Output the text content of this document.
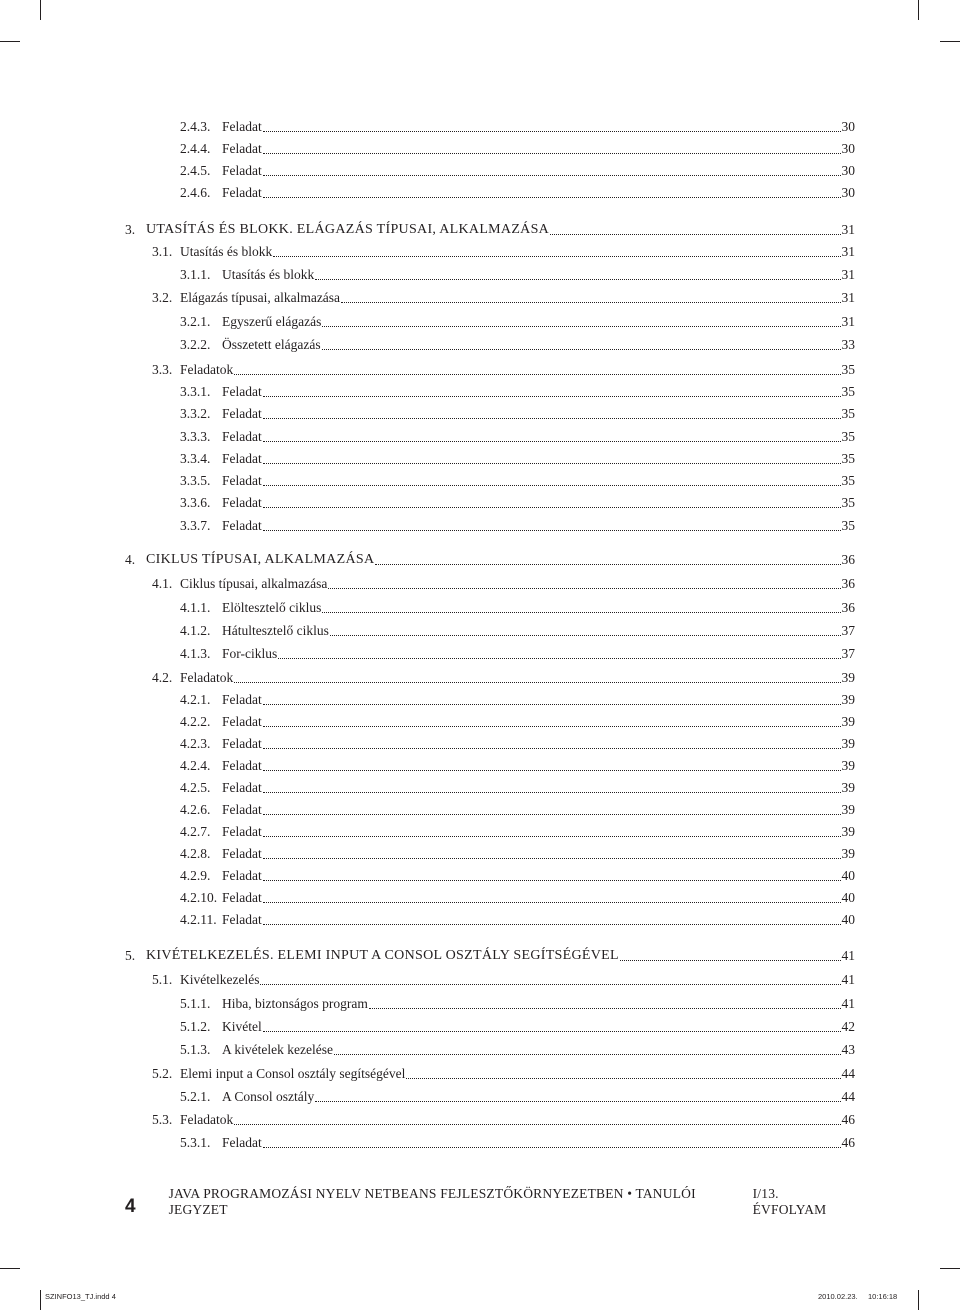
2.4.3. Feladat	30
2.4.4. Feladat	30
2.4.5. Feladat	30
2.4.6. Feladat	30
3. UTASÍTÁS ÉS BLOKK. ELÁGAZÁS TÍPUSAI, ALKALMAZÁSA	31
3.1. Utasítás és blokk	31
3.1.1. Utasítás és blokk	31
3.2. Elágazás típusai, alkalmazása	31
3.2.1. Egyszerű elágazás	31
3.2.2. Összetett elágazás	33
3.3. Feladatok	35
3.3.1. Feladat	35
3.3.2. Feladat	35
3.3.3. Feladat	35
3.3.4. Feladat	35
3.3.5. Feladat	35
3.3.6. Feladat	35
3.3.7. Feladat	35
4. CIKLUS TÍPUSAI, ALKALMAZÁSA	36
4.1. Ciklus típusai, alkalmazása	36
4.1.1. Elöltesztelő ciklus	36
4.1.2. Hátultesztelő ciklus	37
4.1.3. For-ciklus	37
4.2. Feladatok	39
4.2.1. Feladat	39
4.2.2. Feladat	39
4.2.3. Feladat	39
4.2.4. Feladat	39
4.2.5. Feladat	39
4.2.6. Feladat	39
4.2.7. Feladat	39
4.2.8. Feladat	39
4.2.9. Feladat	40
4.2.10. Feladat	40
4.2.11. Feladat	40
5. KIVÉTELKEZELÉS. ELEMI INPUT A CONSOL OSZTÁLY SEGÍTSÉGÉVEL	41
5.1. Kivételkezelés	41
5.1.1. Hiba, biztonságos program	41
5.1.2. Kivétel	42
5.1.3. A kivételek kezelése	43
5.2. Elemi input a Consol osztály segítségével	44
5.2.1. A Consol osztály	44
5.3. Feladatok	46
5.3.1. Feladat	46
4
JAVA PROGRAMOZÁSI NYELV NETBEANS FEJLESZTŐKÖRNYEZETBEN • TANULÓI JEGYZET
I/13. ÉVFOLYAM
SZINFO13_TJ.indd 4	2010.02.23. 10:16:18
